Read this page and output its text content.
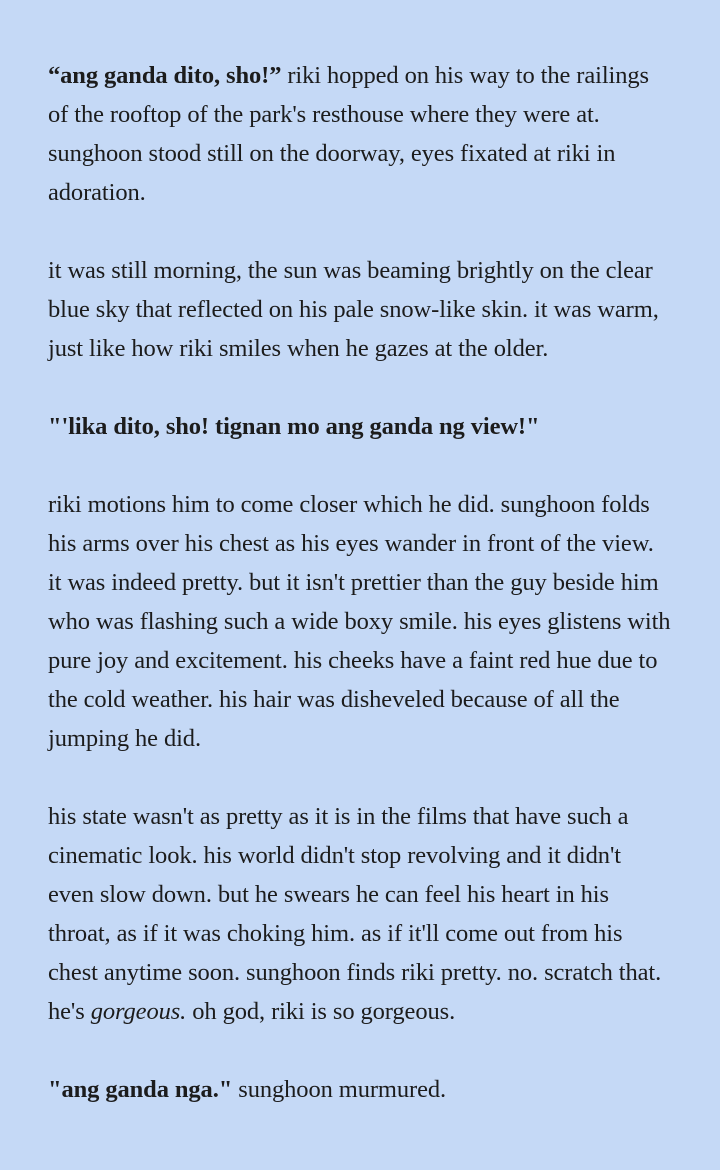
“ang ganda dito, sho!” riki hopped on his way to the railings of the rooftop of the park's resthouse where they were at. sunghoon stood still on the doorway, eyes fixated at riki in adoration.

it was still morning, the sun was beaming brightly on the clear blue sky that reflected on his pale snow-like skin. it was warm, just like how riki smiles when he gazes at the older.

"'lika dito, sho! tignan mo ang ganda ng view!"

riki motions him to come closer which he did. sunghoon folds his arms over his chest as his eyes wander in front of the view. it was indeed pretty. but it isn't prettier than the guy beside him who was flashing such a wide boxy smile. his eyes glistens with pure joy and excitement. his cheeks have a faint red hue due to the cold weather. his hair was disheveled because of all the jumping he did.

his state wasn't as pretty as it is in the films that have such a cinematic look. his world didn't stop revolving and it didn't even slow down. but he swears he can feel his heart in his throat, as if it was choking him. as if it'll come out from his chest anytime soon. sunghoon finds riki pretty. no. scratch that. he's gorgeous. oh god, riki is so gorgeous.

"ang ganda nga." sunghoon murmured.
